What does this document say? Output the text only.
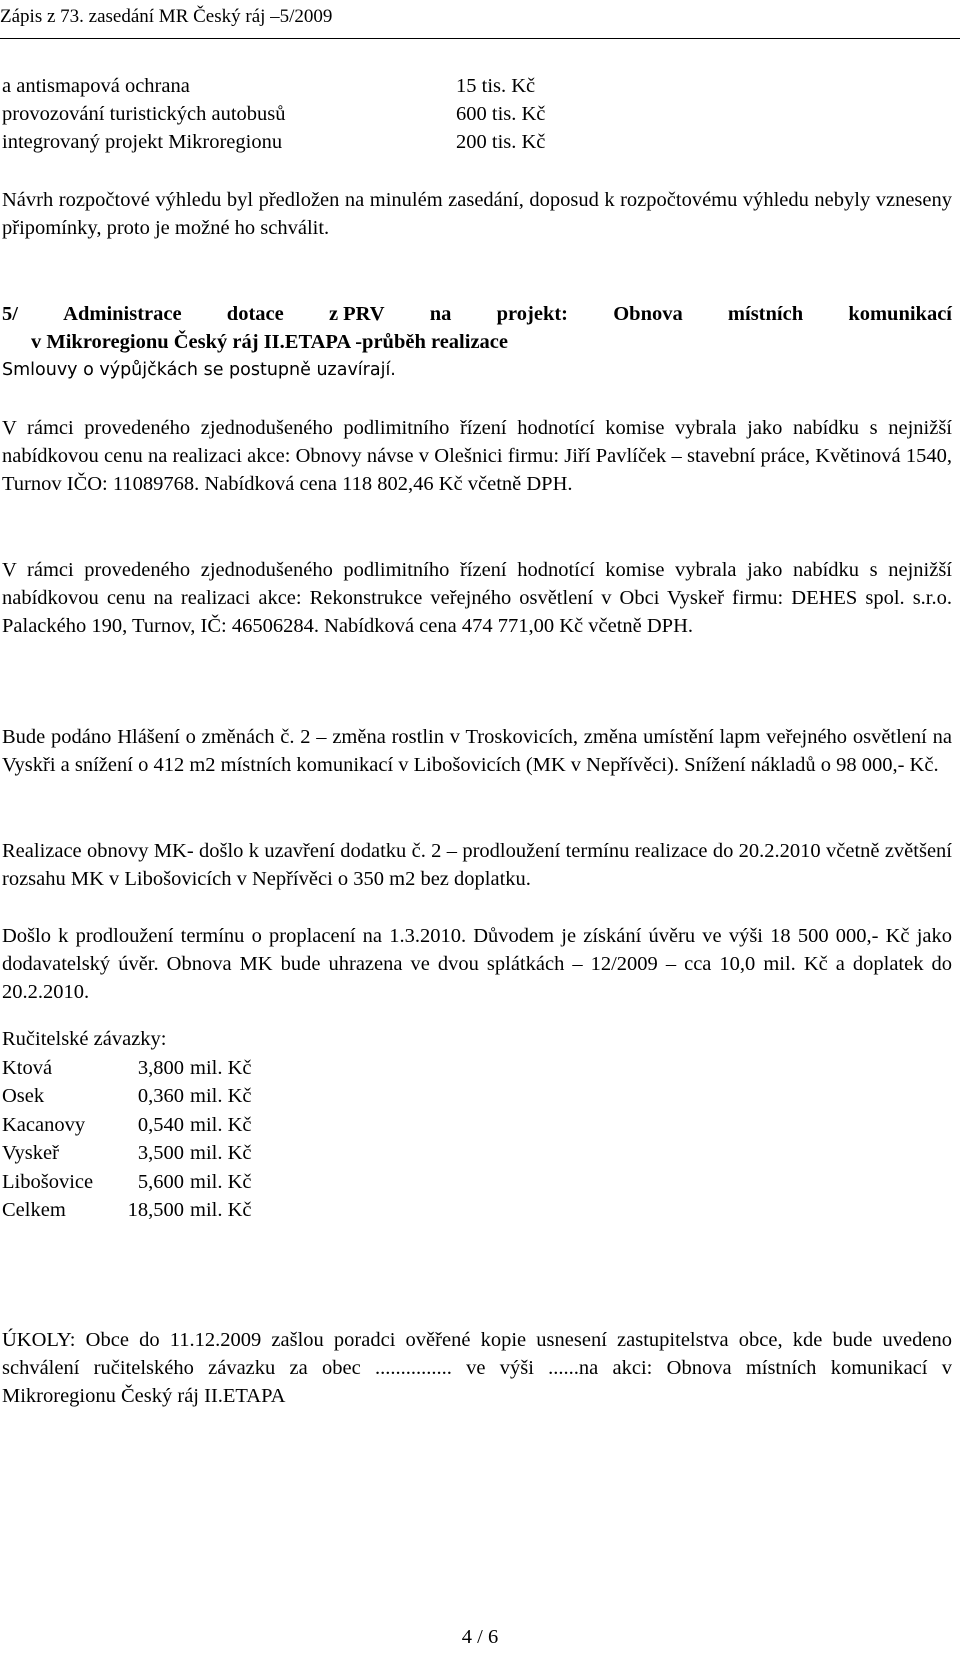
Zápis z 73. zasedání MR Český ráj –5/2009
a antismapová ochrana	15 tis. Kč
provozování turistických autobusů	600 tis. Kč
integrovaný projekt Mikroregionu	200 tis. Kč
Návrh rozpočtové výhledu byl předložen na minulém zasedání, doposud k rozpočtovému výhledu nebyly vzneseny připomínky, proto je možné ho schválit.
5/ Administrace dotace z PRV na projekt: Obnova místních komunikací
v Mikroregionu Český ráj II.ETAPA -průběh realizace
Smlouvy o výpůjčkách se postupně uzavírají.
V rámci provedeného zjednodušeného podlimitního řízení hodnotící komise vybrala jako nabídku s nejnižší nabídkovou cenu na realizaci akce: Obnovy návse v Olešnici firmu: Jiří Pavlíček – stavební práce, Květinová 1540, Turnov IČO: 11089768. Nabídková cena 118 802,46 Kč včetně DPH.
V rámci provedeného zjednodušeného podlimitního řízení hodnotící komise vybrala jako nabídku s nejnižší nabídkovou cenu na realizaci akce: Rekonstrukce veřejného osvětlení v Obci Vyskeř firmu: DEHES spol. s.r.o. Palackého 190, Turnov, IČ: 46506284. Nabídková cena 474 771,00 Kč včetně DPH.
Bude podáno Hlášení o změnách č. 2 – změna rostlin v Troskovicích, změna umístění lapm veřejného osvětlení na Vyskři a snížení o 412 m2 místních komunikací v Libošovicích (MK v Nepřívěci). Snížení nákladů o 98 000,- Kč.
Realizace obnovy MK- došlo k uzavření dodatku č. 2 – prodloužení termínu realizace do 20.2.2010 včetně zvětšení rozsahu MK v Libošovicích v Nepřívěci o 350 m2 bez doplatku.
Došlo k prodloužení termínu o proplacení na 1.3.2010. Důvodem je získání úvěru ve výši 18 500 000,- Kč jako dodavatelský úvěr. Obnova MK bude uhrazena ve dvou splátkách – 12/2009 – cca 10,0 mil. Kč a doplatek do 20.2.2010.
Ručitelské závazky:
Ktová	3,800 mil. Kč
Osek	0,360 mil. Kč
Kacanovy	0,540 mil. Kč
Vyskeř	3,500 mil. Kč
Libošovice	5,600 mil. Kč
Celkem	18,500 mil. Kč
ÚKOLY: Obce do 11.12.2009 zašlou poradci ověřené kopie usnesení zastupitelstva obce, kde bude uvedeno schválení ručitelského závazku za obec ............... ve výši ......na akci: Obnova místních komunikací v Mikroregionu Český ráj II.ETAPA
4 / 6
